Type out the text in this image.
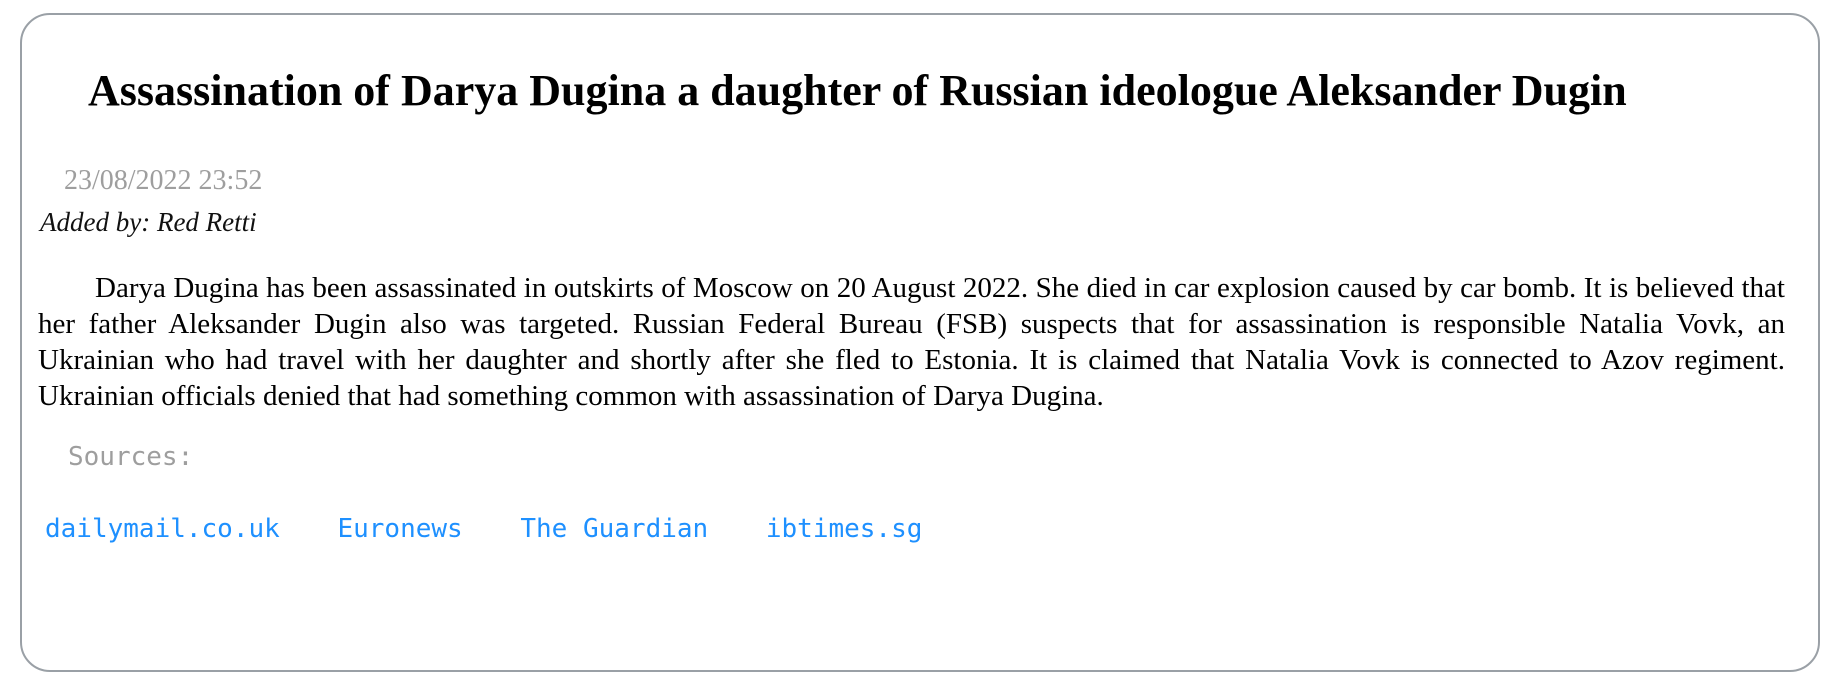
Assassination of Darya Dugina a daughter of Russian ideologue Aleksander Dugin
23/08/2022 23:52
Added by: Red Retti

Darya Dugina has been assassinated in outskirts of Moscow on 20 August 2022. She died in car explosion caused by car bomb. It is believed that her father Aleksander Dugin also was targeted. Russian Federal Bureau (FSB) suspects that for assassination is responsible Natalia Vovk, an Ukrainian who had travel with her daughter and shortly after she fled to Estonia. It is claimed that Natalia Vovk is connected to Azov regiment. Ukrainian officials denied that had something common with assassination of Darya Dugina.

Sources:
dailymail.co.uk Euronews The Guardian ibtimes.sg
